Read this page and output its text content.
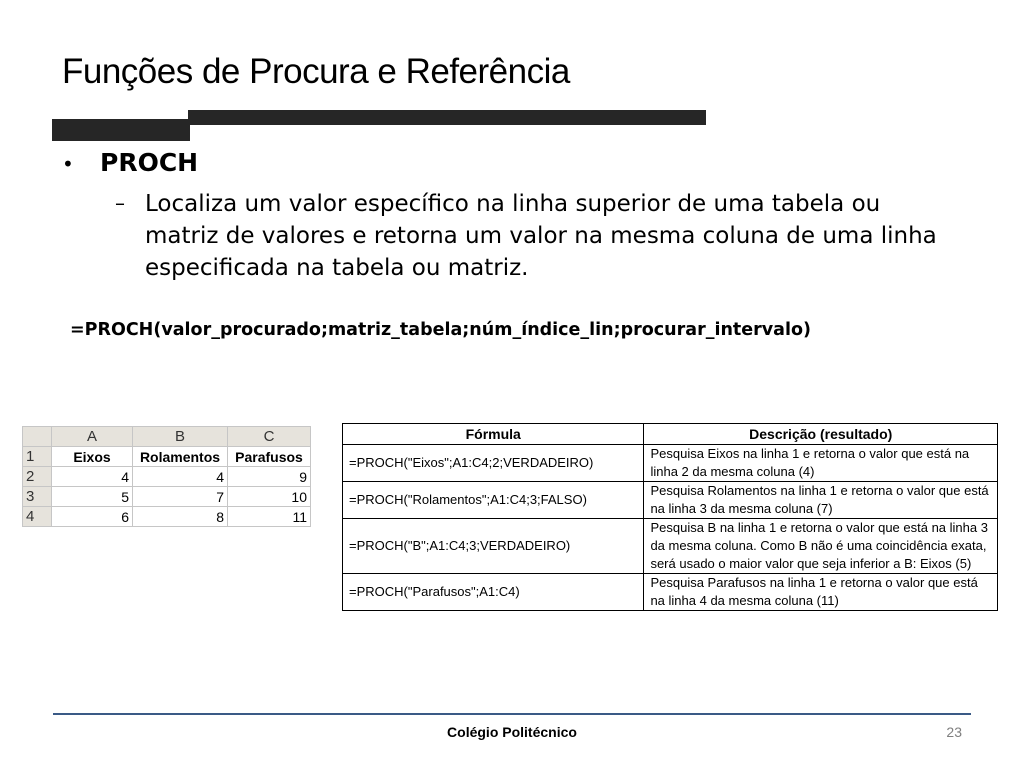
Funções de Procura e Referência
•	PROCH
– Localiza um valor específico na linha superior de uma tabela ou matriz de valores e retorna um valor na mesma coluna de uma linha especificada na tabela ou matriz.
=PROCH(valor_procurado;matriz_tabela;núm_índice_lin;procurar_intervalo)
	A	B	C
1	Eixos	Rolamentos	Parafusos
2	4	4	9
3	5	7	10
4	6	8	11
Fórmula	Descrição (resultado)
=PROCH("Eixos";A1:C4;2;VERDADEIRO)	Pesquisa Eixos na linha 1 e retorna o valor que está na linha 2 da mesma coluna (4)
=PROCH("Rolamentos";A1:C4;3;FALSO)	Pesquisa Rolamentos na linha 1 e retorna o valor que está na linha 3 da mesma coluna (7)
=PROCH("B";A1:C4;3;VERDADEIRO)	Pesquisa B na linha 1 e retorna o valor que está na linha 3 da mesma coluna. Como B não é uma coincidência exata, será usado o maior valor que seja inferior a B: Eixos (5)
=PROCH("Parafusos";A1:C4)	Pesquisa Parafusos na linha 1 e retorna o valor que está na linha 4 da mesma coluna (11)
Colégio Politécnico	23
